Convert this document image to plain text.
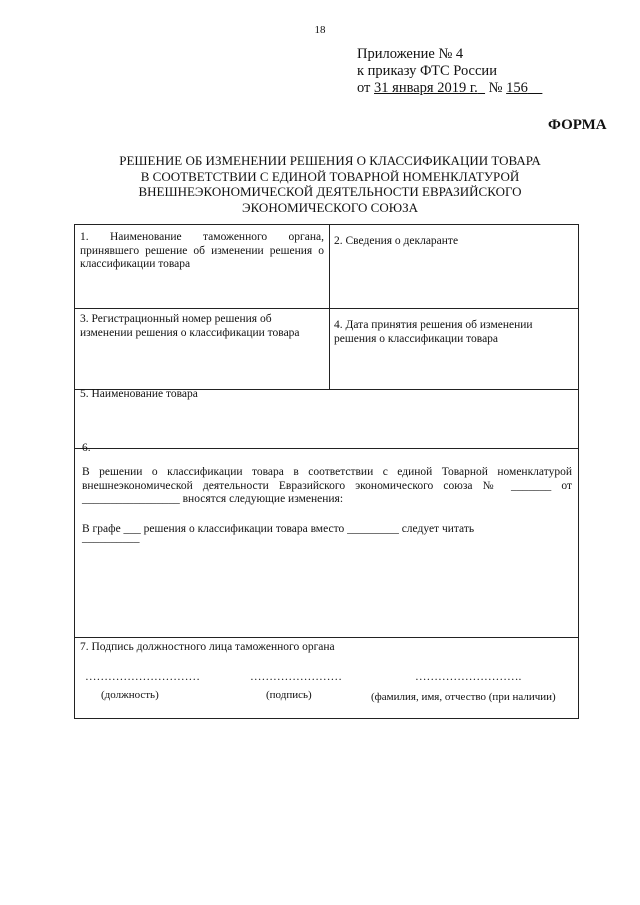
18
Приложение № 4
к приказу ФТС России
от 31 января 2019 г. № 156
ФОРМА
РЕШЕНИЕ ОБ ИЗМЕНЕНИИ РЕШЕНИЯ О КЛАССИФИКАЦИИ ТОВАРА
В СООТВЕТСТВИИ С ЕДИНОЙ ТОВАРНОЙ НОМЕНКЛАТУРОЙ
ВНЕШНЕЭКОНОМИЧЕСКОЙ ДЕЯТЕЛЬНОСТИ ЕВРАЗИЙСКОГО
ЭКОНОМИЧЕСКОГО СОЮЗА
1. Наименование таможенного органа, принявшего решение об изменении решения о классификации товара
2. Сведения о декларанте
3. Регистрационный номер решения об изменении решения о классификации товара
4. Дата принятия решения об изменении решения о классификации товара
5. Наименование товара
6.
В решении о классификации товара в соответствии с единой Товарной номенклатурой внешнеэкономической деятельности Евразийского экономического союза № _______ от _________________ вносятся следующие изменения:
В графе ___ решения о классификации товара вместо _________ следует читать
__________
7. Подпись должностного лица таможенного органа
…………………………	……………………	……………………….
(должность)	(подпись)	(фамилия, имя, отчество (при наличии)
